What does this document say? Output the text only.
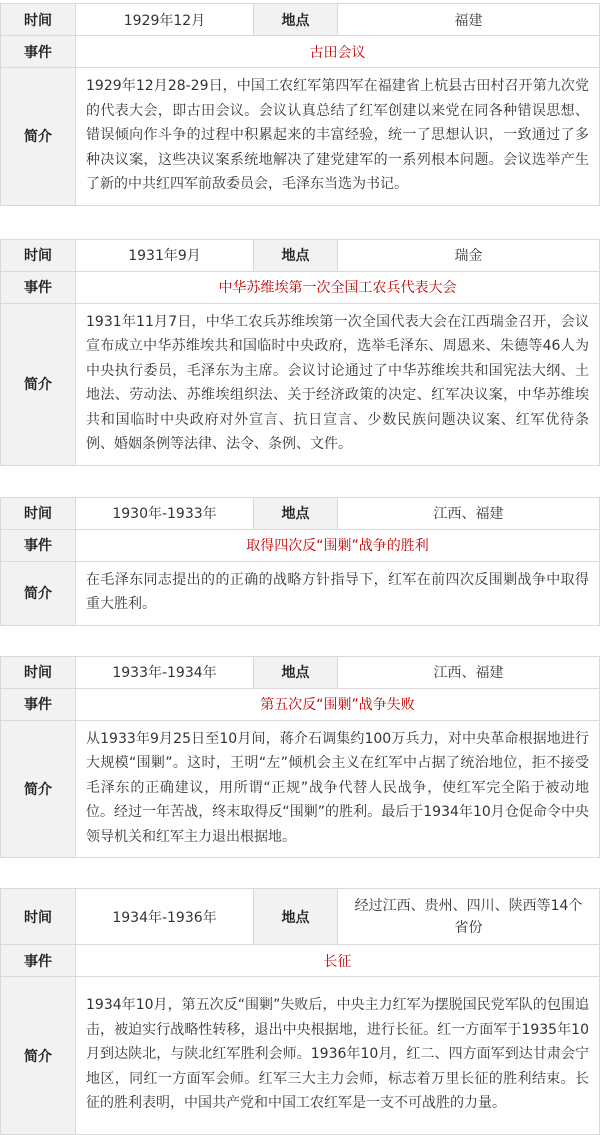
时间	1929年12月	地点	福建
事件	古田会议		
简介	1929年12月28-29日，中国工农红军第四军在福建省上杭县古田村召开第九次党的代表大会，即古田会议。会议认真总结了红军创建以来党在同各种错误思想、错误倾向作斗争的过程中积累起来的丰富经验，统一了思想认识，一致通过了多种决议案，这些决议案系统地解决了建党建军的一系列根本问题。会议选举产生了新的中共红四军前敌委员会，毛泽东当选为书记。		
时间	1931年9月	地点	瑞金
事件	中华苏维埃第一次全国工农兵代表大会		
简介	1931年11月7日，中华工农兵苏维埃第一次全国代表大会在江西瑞金召开，会议宣布成立中华苏维埃共和国临时中央政府，选举毛泽东、周恩来、朱德等46人为中央执行委员，毛泽东为主席。会议讨论通过了中华苏维埃共和国宪法大纲、土地法、劳动法、苏维埃组织法、关于经济政策的决定、红军决议案，中华苏维埃共和国临时中央政府对外宣言、抗日宣言、少数民族问题决议案、红军优待条例、婚姻条例等法律、法令、条例、文件。		
时间	1930年-1933年	地点	江西、福建
事件	取得四次反“围剿”战争的胜利		
简介	在毛泽东同志提出的的正确的战略方针指导下，红军在前四次反围剿战争中取得重大胜利。		
时间	1933年-1934年	地点	江西、福建
事件	第五次反“围剿”战争失败		
简介	从1933年9月25日至10月间，蒋介石调集约100万兵力，对中央革命根据地进行大规模“围剿”。这时，王明“左”倾机会主义在红军中占据了统治地位，拒不接受毛泽东的正确建议，用所谓“正规”战争代替人民战争，使红军完全陷于被动地位。经过一年苦战，终末取得反“围剿”的胜利。最后于1934年10月仓促命令中央领导机关和红军主力退出根据地。		
时间	1934年-1936年	地点	经过江西、贵州、四川、陕西等14个省份
事件	长征		
简介	1934年10月，第五次反“围剿”失败后，中央主力红军为摆脱国民党军队的包围追击，被迫实行战略性转移，退出中央根据地，进行长征。红一方面军于1935年10月到达陕北，与陕北红军胜利会师。1936年10月，红二、四方面军到达甘肃会宁地区，同红一方面军会师。红军三大主力会师，标志着万里长征的胜利结束。长征的胜利表明，中国共产党和中国工农红军是一支不可战胜的力量。		
